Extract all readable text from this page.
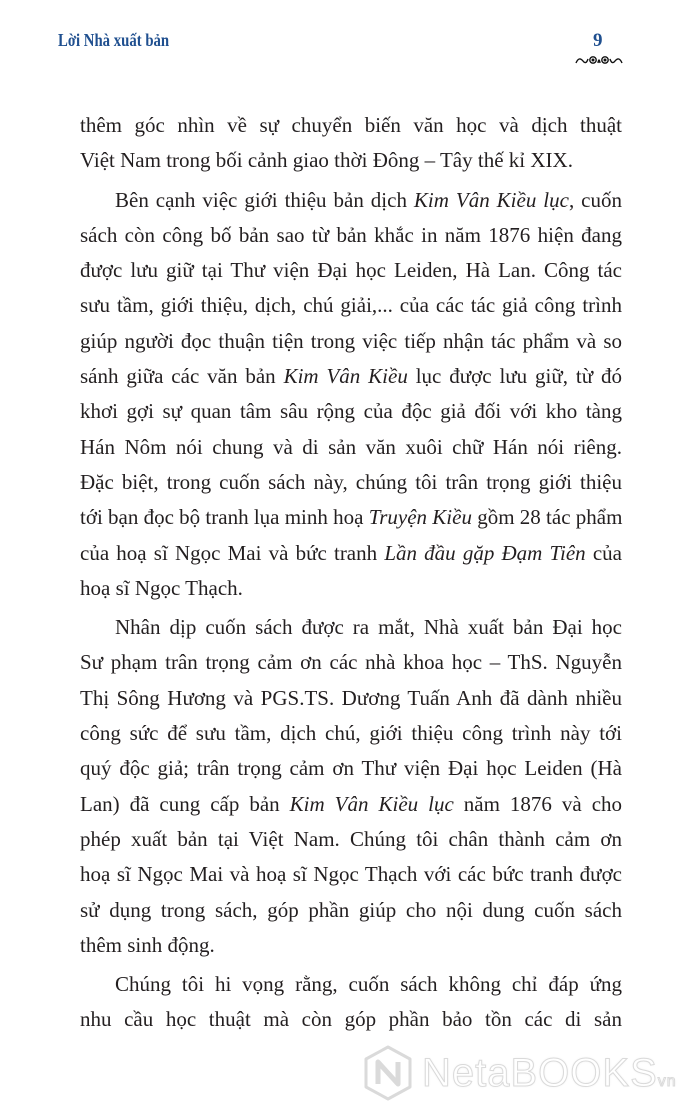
Lời Nhà xuất bản	9
thêm góc nhìn về sự chuyển biến văn học và dịch thuật
Việt Nam trong bối cảnh giao thời Đông – Tây thế kỉ XIX.
Bên cạnh việc giới thiệu bản dịch Kim Vân Kiều lục, cuốn
sách còn công bố bản sao từ bản khắc in năm 1876 hiện đang
được lưu giữ tại Thư viện Đại học Leiden, Hà Lan. Công tác
sưu tầm, giới thiệu, dịch, chú giải,... của các tác giả công trình
giúp người đọc thuận tiện trong việc tiếp nhận tác phẩm và so
sánh giữa các văn bản Kim Vân Kiều lục được lưu giữ, từ đó
khơi gợi sự quan tâm sâu rộng của độc giả đối với kho tàng
Hán Nôm nói chung và di sản văn xuôi chữ Hán nói riêng.
Đặc biệt, trong cuốn sách này, chúng tôi trân trọng giới thiệu
tới bạn đọc bộ tranh lụa minh hoạ Truyện Kiều gồm 28 tác phẩm
của hoạ sĩ Ngọc Mai và bức tranh Lần đầu gặp Đạm Tiên của
hoạ sĩ Ngọc Thạch.
Nhân dịp cuốn sách được ra mắt, Nhà xuất bản Đại học
Sư phạm trân trọng cảm ơn các nhà khoa học – ThS. Nguyễn
Thị Sông Hương và PGS.TS. Dương Tuấn Anh đã dành nhiều
công sức để sưu tầm, dịch chú, giới thiệu công trình này tới
quý độc giả; trân trọng cảm ơn Thư viện Đại học Leiden (Hà
Lan) đã cung cấp bản Kim Vân Kiều lục năm 1876 và cho
phép xuất bản tại Việt Nam. Chúng tôi chân thành cảm ơn
hoạ sĩ Ngọc Mai và hoạ sĩ Ngọc Thạch với các bức tranh được
sử dụng trong sách, góp phần giúp cho nội dung cuốn sách
thêm sinh động.
Chúng tôi hi vọng rằng, cuốn sách không chỉ đáp ứng
nhu cầu học thuật mà còn góp phần bảo tồn các di sản
NetaBOOKSvn
